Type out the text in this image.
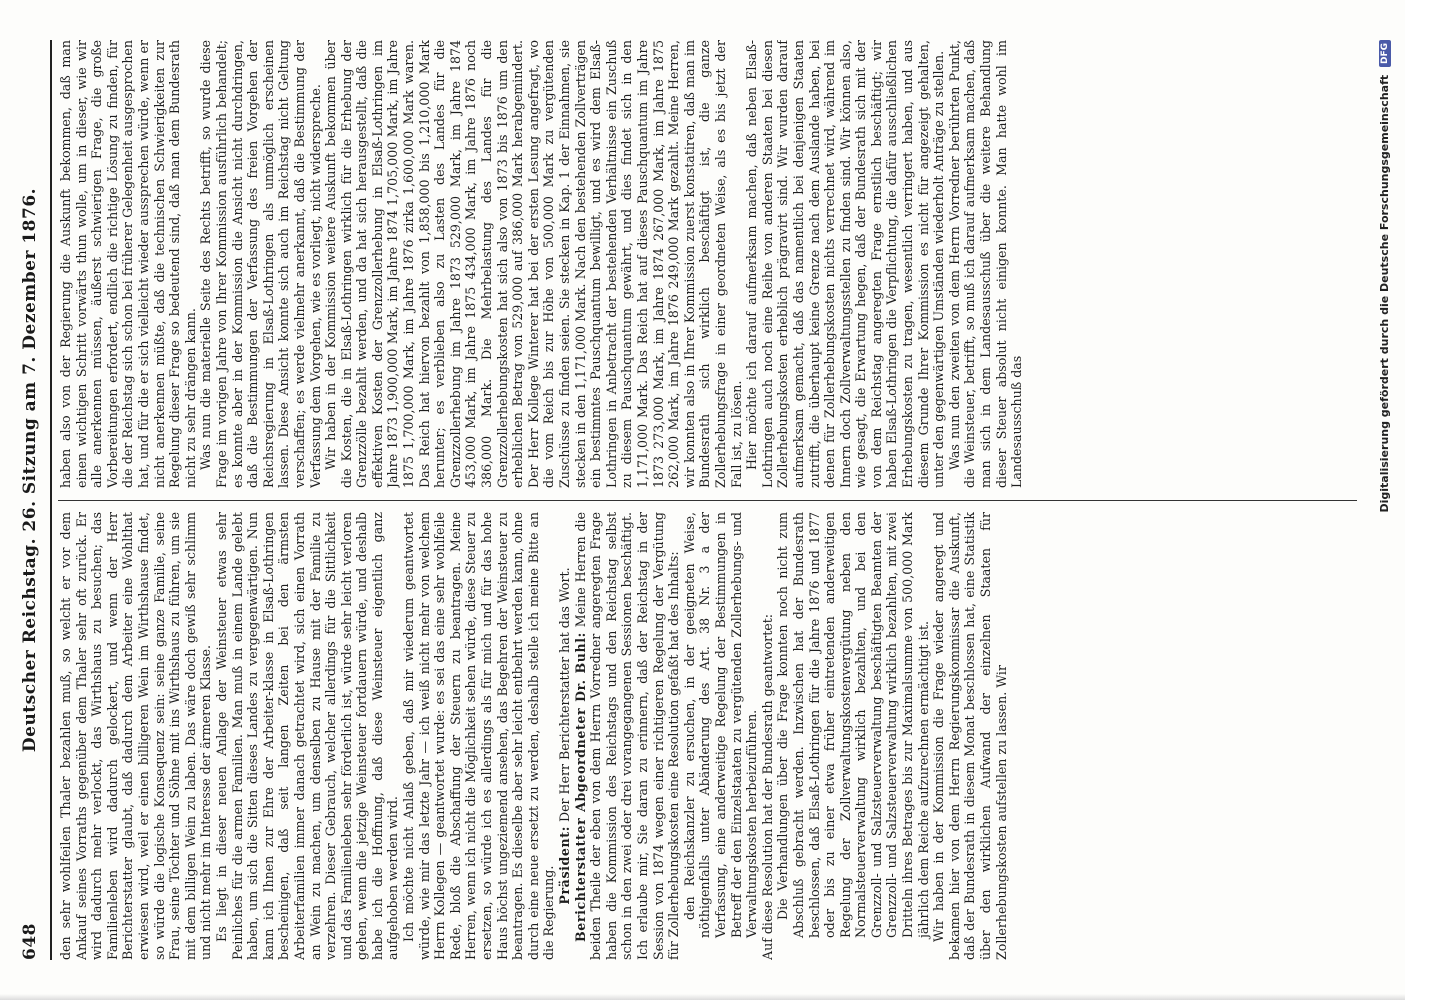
648
Deutscher Reichstag. 26. Sitzung am 7. Dezember 1876. den sehr wohlfeilen Thaler bezahlen muß, so welcht er vor dem Ankauf seines Vorraths gegenüber dem Thaler sehr oft zurück. Er wird dadurch mehr verlockt, das Wirthshaus zu besuchen; das Familienleben wird dadurch gelockert, und wenn der Herr Berichterstatter glaubt, daß dadurch dem Arbeiter eine Wohlthat erwiesen wird, weil er einen billigeren Wein im Wirthshause findet, so würde die logische Konsequenz sein: seine ganze Familie, seine Frau, seine Töchter und Söhne mit ins Wirthshaus zu führen, um sie mit dem billigen Wein zu laben. Das wäre doch gewiß sehr schlimm und nicht mehr im Interesse der ärmeren Klasse. Es liegt in dieser neuen Anlage der Weinsteuer etwas sehr Peinliches für die armen Familien. Man muß in einem Lande gelebt haben, um sich die Sitten dieses Landes zu vergegenwärtigen. Nun kann ich Ihnen zur Ehre der Arbeiter-klasse in Elsaß-Lothringen bescheinigen, daß seit langen Zeiten bei den ärmsten Arbeiterfamilien immer danach getrachtet wird, sich einen Vorrath an Wein zu machen, um denselben zu Hause mit der Familie zu verzehren. Dieser Gebrauch, welcher allerdings für die Sittlichkeit und das Familienleben sehr förderlich ist, würde sehr leicht verloren gehen, wenn die jetzige Weinsteuer fortdauern würde, und deshalb habe ich die Hoffnung, daß diese Weinsteuer eigentlich ganz aufgehoben werden wird. Ich möchte nicht Anlaß geben, daß mir wiederum geantwortet würde, wie mir das letzte Jahr — ich weiß nicht mehr von welchem Herrn Kollegen — geantwortet wurde: es sei das eine sehr wohlfeile Rede, bloß die Abschaffung der Steuern zu beantragen. Meine Herren, wenn ich nicht die Möglichkeit sehen würde, diese Steuer zu ersetzen, so würde ich es allerdings als für mich und für das hohe Haus höchst ungeziemend ansehen, das Begehren der Weinsteuer zu beantragen. Es dieselbe aber sehr leicht entbehrt werden kann, ohne durch eine neue ersetzt zu werden, deshalb stelle ich meine Bitte an die Regierung.

Präsident: Der Herr Berichterstatter hat das Wort. Berichterstatter Abgeordneter Dr. Buhl: Meine Herren die beiden Theile der eben von dem Herrn Vorredner angeregten Frage haben die Kommission des Reichstags und den Reichstag selbst schon in den zwei oder drei vorangegangenen Sessionen beschäftigt. Ich erlaube mir, Sie daran zu erinnern, daß der Reichstag in der Session von 1874 wegen einer richtigeren Regelung der Vergütung für Zollerhebungskosten eine Resolution gefaßt hat des Inhalts: den Reichskanzler zu ersuchen, in der geeigneten Weise, nöthigenfalls unter Abänderung des Art. 38 Nr. 3 a der Verfassung, eine anderweitige Regelung der Bestimmungen in Betreff der den Einzelstaaten zu vergütenden Zollerhebungs- und Verwaltungskosten herbeizuführen. Auf diese Resolution hat der Bundesrath geantwortet: Die Verhandlungen über die Frage konnten noch nicht zum Abschluß gebracht werden. Inzwischen hat der Bundesrath beschlossen, daß Elsaß-Lothringen für die Jahre 1876 und 1877 oder bis zu einer etwa früher eintretenden anderweitigen Regelung der Zollverwaltungskostenvergütung neben den Normalsteuerverwaltung wirklich bezahlten, und bei den Grenzzoll- und Salzsteuerverwaltung beschäftigten Beamten der Grenzzoll- und Salzsteuerverwaltung wirklich bezahlten, mit zwei Dritteln ihres Betrages bis zur Maximalsumme von 500,000 Mark jährlich dem Reiche aufzurechnen ermächtigt ist. Wir haben in der Kommission die Frage wieder angeregt und bekamen hier von dem Herrn Regierungskommissar die Auskunft, daß der Bundesrath in diesem Monat beschlossen hat, eine Statistik über den wirklichen Aufwand der einzelnen Staaten für Zollerhebungskosten aufstellen zu lassen. Wir

haben also von der Regierung die Auskunft bekommen, daß man einen wichtigen Schritt vorwärts thun wolle, um in dieser, wie wir alle anerkennen müssen, äußerst schwierigen Frage, die große Vorbereitungen erfordert, endlich die richtige Lösung zu finden, für die der Reichstag sich schon bei früherer Gelegenheit ausgesprochen hat, und für die er sich vielleicht wieder aussprechen würde, wenn er nicht anerkennen müßte, daß die technischen Schwierigkeiten zur Regelung dieser Frage so bedeutend sind, daß man dem Bundesrath nicht zu sehr drängen kann. Was nun die materielle Seite des Rechts betrifft, so wurde diese Frage im vorigen Jahre von Ihrer Kommission ausführlich behandelt; es konnte aber in der Kommission die Ansicht nicht durchdringen, daß die Bestimmungen der Verfassung des freien Vorgehen der Reichsregierung in Elsaß-Lothringen als unmöglich erscheinen lassen. Diese Ansicht konnte sich auch im Reichstag nicht Geltung verschaffen; es werde vielmehr anerkannt, daß die Bestimmung der Verfassung dem Vorgehen, wie es vorliegt, nicht widerspreche. Wir haben in der Kommission weitere Auskunft bekommen über die Kosten, die in Elsaß-Lothringen wirklich für die Erhebung der Grenzzölle bezahlt werden, und da hat sich herausgestellt, daß die effektiven Kosten der Grenzzollerhebung in Elsaß-Lothringen im Jahre 1873 1,900,000 Mark, im Jahre 1874 1,705,000 Mark, im Jahre 1875 1,700,000 Mark, im Jahre 1876 zirka 1,600,000 Mark waren. Das Reich hat hiervon bezahlt von 1,858,000 bis 1,210,000 Mark herunter; es verblieben also zu Lasten des Landes für die Grenzzollerhebung im Jahre 1873 529,000 Mark, im Jahre 1874 453,000 Mark, im Jahre 1875 434,000 Mark, im Jahre 1876 noch 386,000 Mark. Die Mehrbelastung des Landes für die Grenzzollerhebungskosten hat sich also von 1873 bis 1876 um den erheblichen Betrag von 529,000 auf 386,000 Mark herabgemindert. Der Herr Kollege Winterer hat bei der ersten Lesung angefragt, wo die vom Reich bis zur Höhe von 500,000 Mark zu vergütenden Zuschüsse zu finden seien. Sie stecken in Kap. 1 der Einnahmen, sie stecken in den 1,171,000 Mark. Nach den bestehenden Zollverträgen ein bestimmtes Pauschquantum bewilligt, und es wird dem Elsaß-Lothringen in Anbetracht der bestehenden Verhältnisse ein Zuschuß zu diesem Pauschquantum gewährt, und dies findet sich in den 1,171,000 Mark. Das Reich hat auf dieses Pauschquantum im Jahre 1873 273,000 Mark, im Jahre 1874 267,000 Mark, im Jahre 1875 262,000 Mark, im Jahre 1876 249,000 Mark gezahlt. Meine Herren, wir konnten also in Ihrer Kommission zuerst konstatiren, daß man im Bundesrath sich wirklich beschäftigt ist, die ganze Zollerhebungsfrage in einer geordneten Weise, als es bis jetzt der Fall ist, zu lösen. Hier möchte ich darauf aufmerksam machen, daß neben Elsaß-Lothringen auch noch eine Reihe von anderen Staaten bei diesen Zollerhebungskosten erheblich prägravirt sind. Wir wurden darauf aufmerksam gemacht, daß das namentlich bei denjenigen Staaten zutrifft, die überhaupt keine Grenze nach dem Auslande haben, bei denen für Zollerhebungskosten nichts verrechnet wird, während im Innern doch Zollverwaltungsstellen zu finden sind. Wir können also, wie gesagt, die Erwartung hegen, daß der Bundesrath sich mit der von dem Reichstag angeregten Frage ernstlich beschäftigt; wir haben Elsaß-Lothringen die Verpflichtung, die dafür ausschließlichen Erhebungskosten zu tragen, wesentlich verringert haben, und aus diesem Grunde Ihrer Kommission es nicht für angezeigt gehalten, unter den gegenwärtigen Umständen wiederholt Anträge zu stellen. Was nun den zweiten von dem Herrn Vorredner berührten Punkt, die Weinsteuer, betrifft, so muß ich darauf aufmerksam machen, daß man sich in dem Landesausschuß über die weitere Behandlung dieser Steuer absolut nicht einigen konnte. Man hatte wohl im Landesausschuß das	Digitalisierung gefördert durch die Deutsche Forschungsgemeinschaft DFG
